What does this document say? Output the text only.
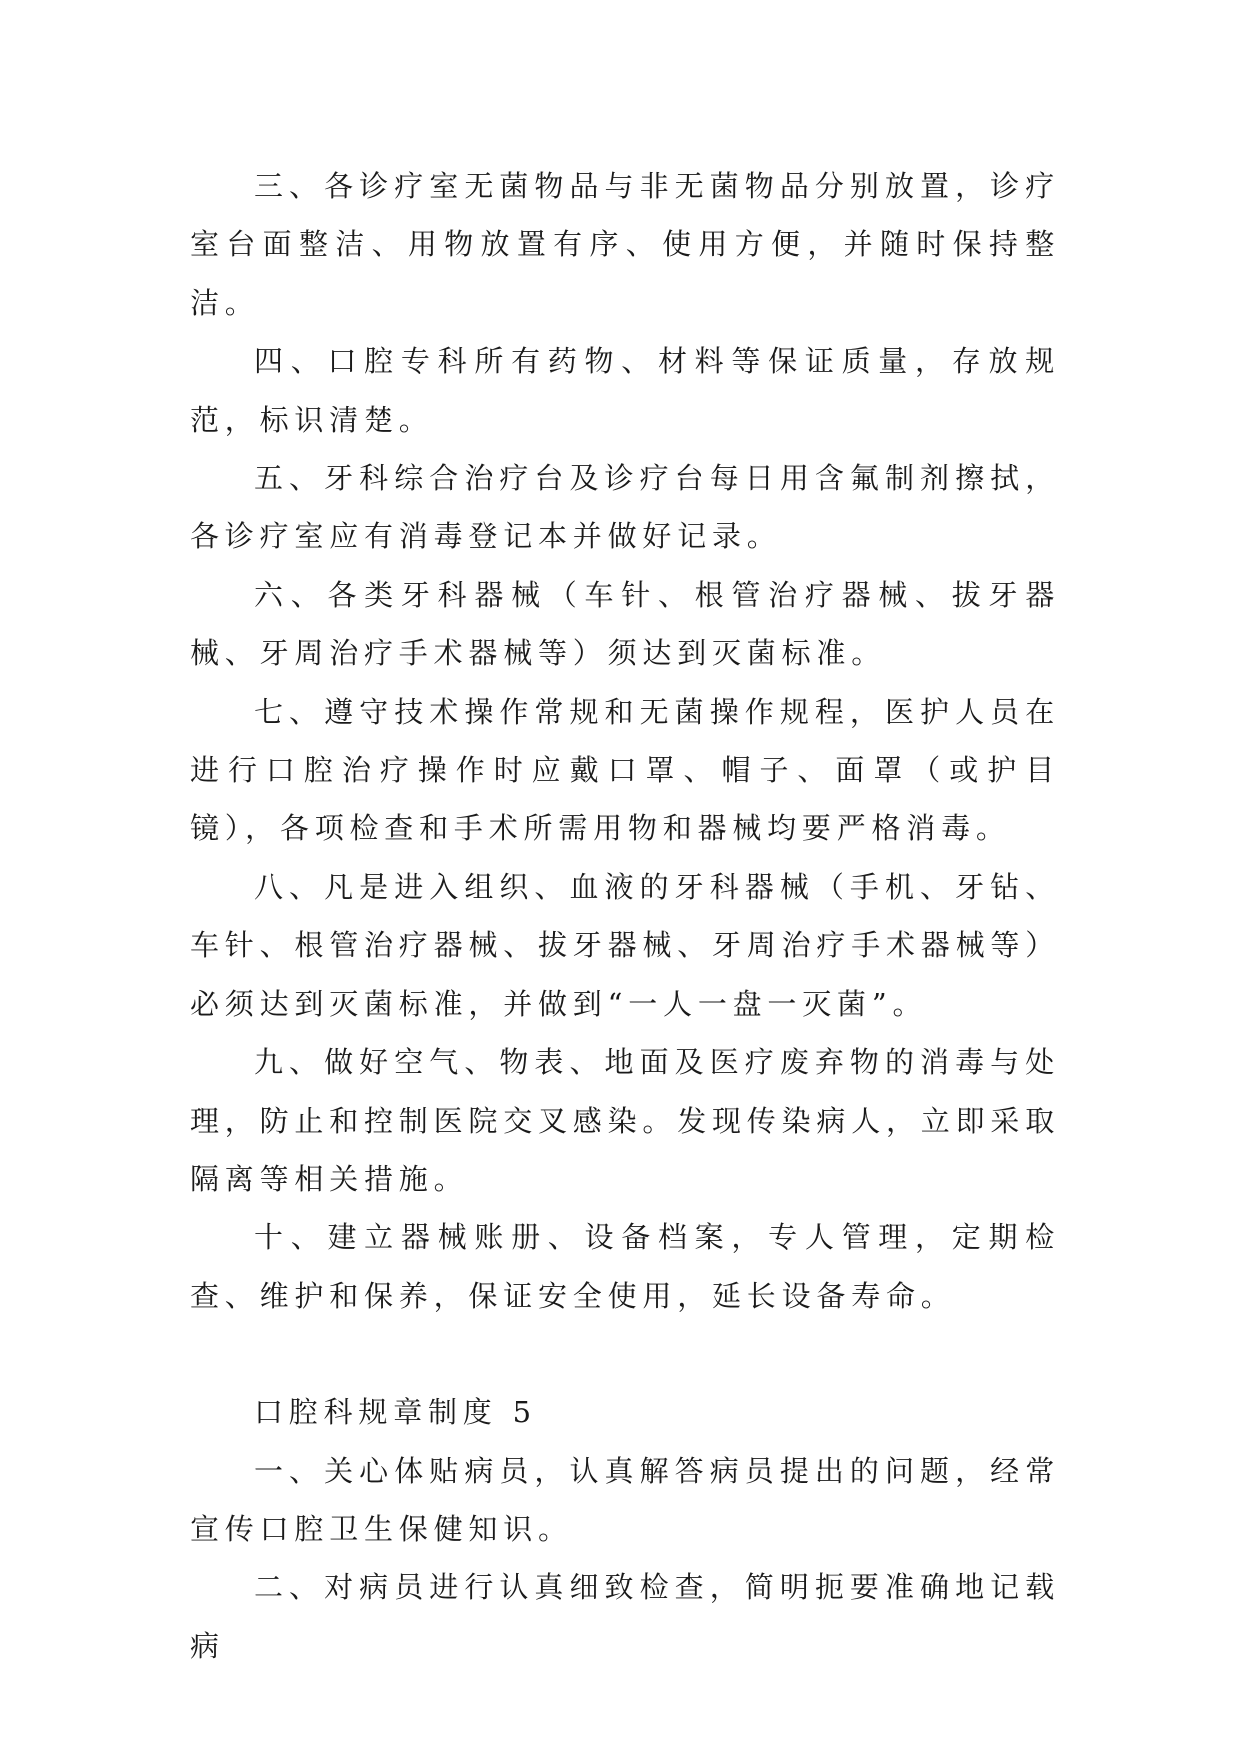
三、各诊疗室无菌物品与非无菌物品分别放置，诊疗室台面整洁、用物放置有序、使用方便，并随时保持整洁。

四、口腔专科所有药物、材料等保证质量，存放规范，标识清楚。

五、牙科综合治疗台及诊疗台每日用含氟制剂擦拭，各诊疗室应有消毒登记本并做好记录。

六、各类牙科器械（车针、根管治疗器械、拔牙器械、牙周治疗手术器械等）须达到灭菌标准。

七、遵守技术操作常规和无菌操作规程，医护人员在进行口腔治疗操作时应戴口罩、帽子、面罩（或护目镜），各项检查和手术所需用物和器械均要严格消毒。

八、凡是进入组织、血液的牙科器械（手机、牙钻、车针、根管治疗器械、拔牙器械、牙周治疗手术器械等）必须达到灭菌标准，并做到“一人一盘一灭菌”。

九、做好空气、物表、地面及医疗废弃物的消毒与处理，防止和控制医院交叉感染。发现传染病人，立即采取隔离等相关措施。

十、建立器械账册、设备档案，专人管理，定期检查、维护和保养，保证安全使用，延长设备寿命。

口腔科规章制度 5

一、关心体贴病员，认真解答病员提出的问题，经常宣传口腔卫生保健知识。

二、对病员进行认真细致检查，简明扼要准确地记载病
